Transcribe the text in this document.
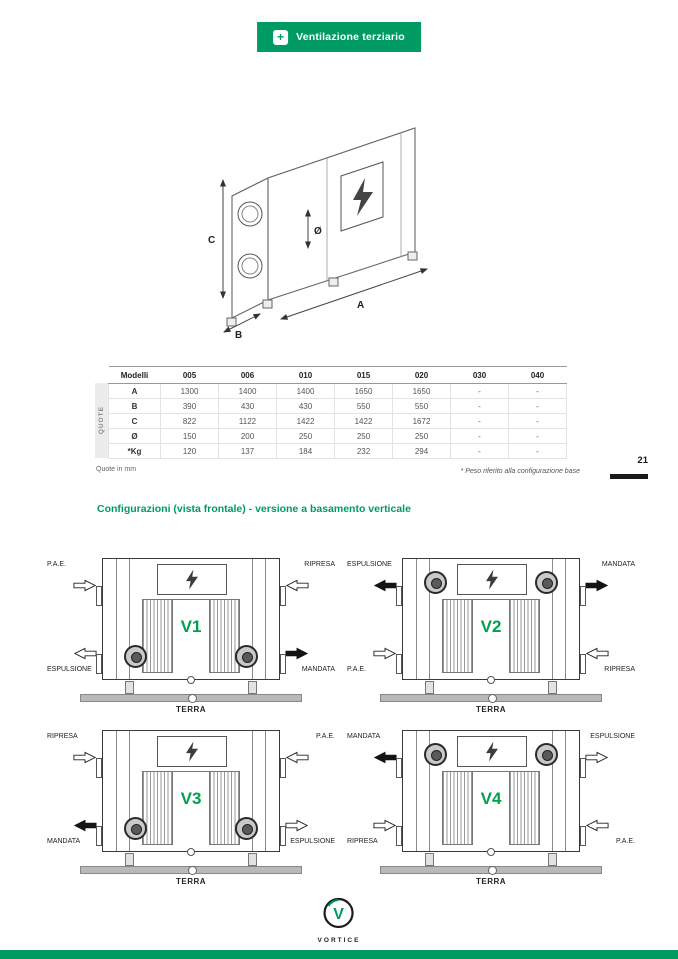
+	Ventilazione terziario
C
A
B
Ø
QUOTE
Modelli	005	006	010	015	020	030	040
A	1300	1400	1400	1650	1650	-	-
B	390	430	430	550	550	-	-
C	822	1122	1422	1422	1672	-	-
Ø	150	200	250	250	250	-	-
*Kg	120	137	184	232	294	-	-
Quote in mm	* Peso riferito alla configurazione base
21
Configurazioni (vista frontale) - versione a basamento verticale
P.A.E.	RIPRESA
ESPULSIONE	MANDATA
V1
TERRA
ESPULSIONE	MANDATA
P.A.E.	RIPRESA
V2
TERRA
RIPRESA	P.A.E.
MANDATA	ESPULSIONE
V3
TERRA
MANDATA	ESPULSIONE
RIPRESA	P.A.E.
V4
TERRA
V
VORTICE
